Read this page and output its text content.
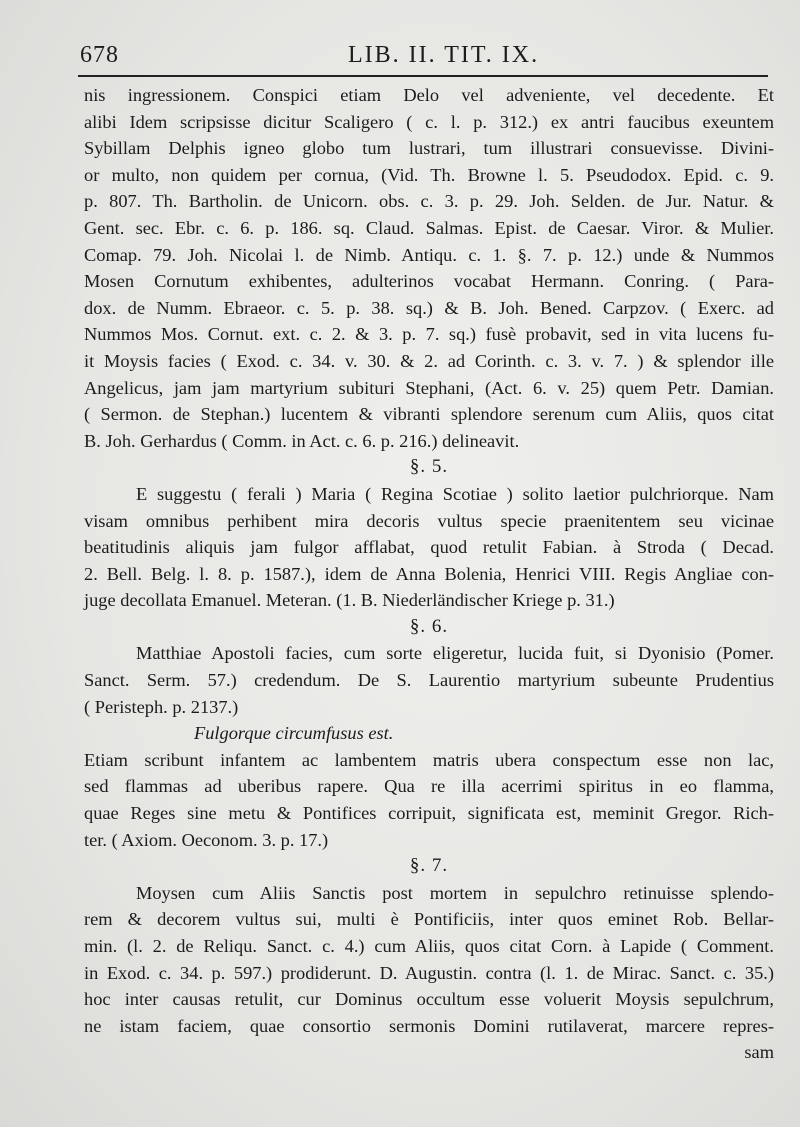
678	LIB. II. TIT. IX.
nis ingressionem. Conspici etiam Delo vel adveniente, vel decedente. Et
alibi Idem scripsisse dicitur Scaligero ( c. l. p. 312.) ex antri faucibus exeuntem
Sybillam Delphis igneo globo tum lustrari, tum illustrari consuevisse. Divini-
or multo, non quidem per cornua, (Vid. Th. Browne l. 5. Pseudodox. Epid. c. 9.
p. 807. Th. Bartholin. de Unicorn. obs. c. 3. p. 29. Joh. Selden. de Jur. Natur. &
Gent. sec. Ebr. c. 6. p. 186. sq. Claud. Salmas. Epist. de Caesar. Viror. & Mulier.
Comap. 79. Joh. Nicolai l. de Nimb. Antiqu. c. 1. §. 7. p. 12.) unde & Nummos
Mosen Cornutum exhibentes, adulterinos vocabat Hermann. Conring. ( Para-
dox. de Numm. Ebraeor. c. 5. p. 38. sq.) & B. Joh. Bened. Carpzov. ( Exerc. ad
Nummos Mos. Cornut. ext. c. 2. & 3. p. 7. sq.) fusè probavit, sed in vita lucens fu-
it Moysis facies ( Exod. c. 34. v. 30. & 2. ad Corinth. c. 3. v. 7. ) & splendor ille
Angelicus, jam jam martyrium subituri Stephani, (Act. 6. v. 25) quem Petr. Damian.
( Sermon. de Stephan.) lucentem & vibranti splendore serenum cum Aliis, quos citat
B. Joh. Gerhardus ( Comm. in Act. c. 6. p. 216.) delineavit.
§. 5.
E suggestu ( ferali ) Maria ( Regina Scotiae ) solito laetior pulchriorque. Nam
visam omnibus perhibent mira decoris vultus specie praenitentem seu vicinae
beatitudinis aliquis jam fulgor afflabat, quod retulit Fabian. à Stroda ( Decad.
2. Bell. Belg. l. 8. p. 1587.), idem de Anna Bolenia, Henrici VIII. Regis Angliae con-
juge decollata Emanuel. Meteran. (1. B. Niederländischer Kriege p. 31.)
§. 6.
Matthiae Apostoli facies, cum sorte eligeretur, lucida fuit, si Dyonisio (Pomer.
Sanct. Serm. 57.) credendum. De S. Laurentio martyrium subeunte Prudentius
( Peristeph. p. 2137.)
Fulgorque circumfusus est.
Etiam scribunt infantem ac lambentem matris ubera conspectum esse non lac,
sed flammas ad uberibus rapere. Qua re illa acerrimi spiritus in eo flamma,
quae Reges sine metu & Pontifices corripuit, significata est, meminit Gregor. Rich-
ter. ( Axiom. Oeconom. 3. p. 17.)
§. 7.
Moysen cum Aliis Sanctis post mortem in sepulchro retinuisse splendo-
rem & decorem vultus sui, multi è Pontificiis, inter quos eminet Rob. Bellar-
min. (l. 2. de Reliqu. Sanct. c. 4.) cum Aliis, quos citat Corn. à Lapide ( Comment.
in Exod. c. 34. p. 597.) prodiderunt. D. Augustin. contra (l. 1. de Mirac. Sanct. c. 35.)
hoc inter causas retulit, cur Dominus occultum esse voluerit Moysis sepulchrum,
ne istam faciem, quae consortio sermonis Domini rutilaverat, marcere repres-
sam
